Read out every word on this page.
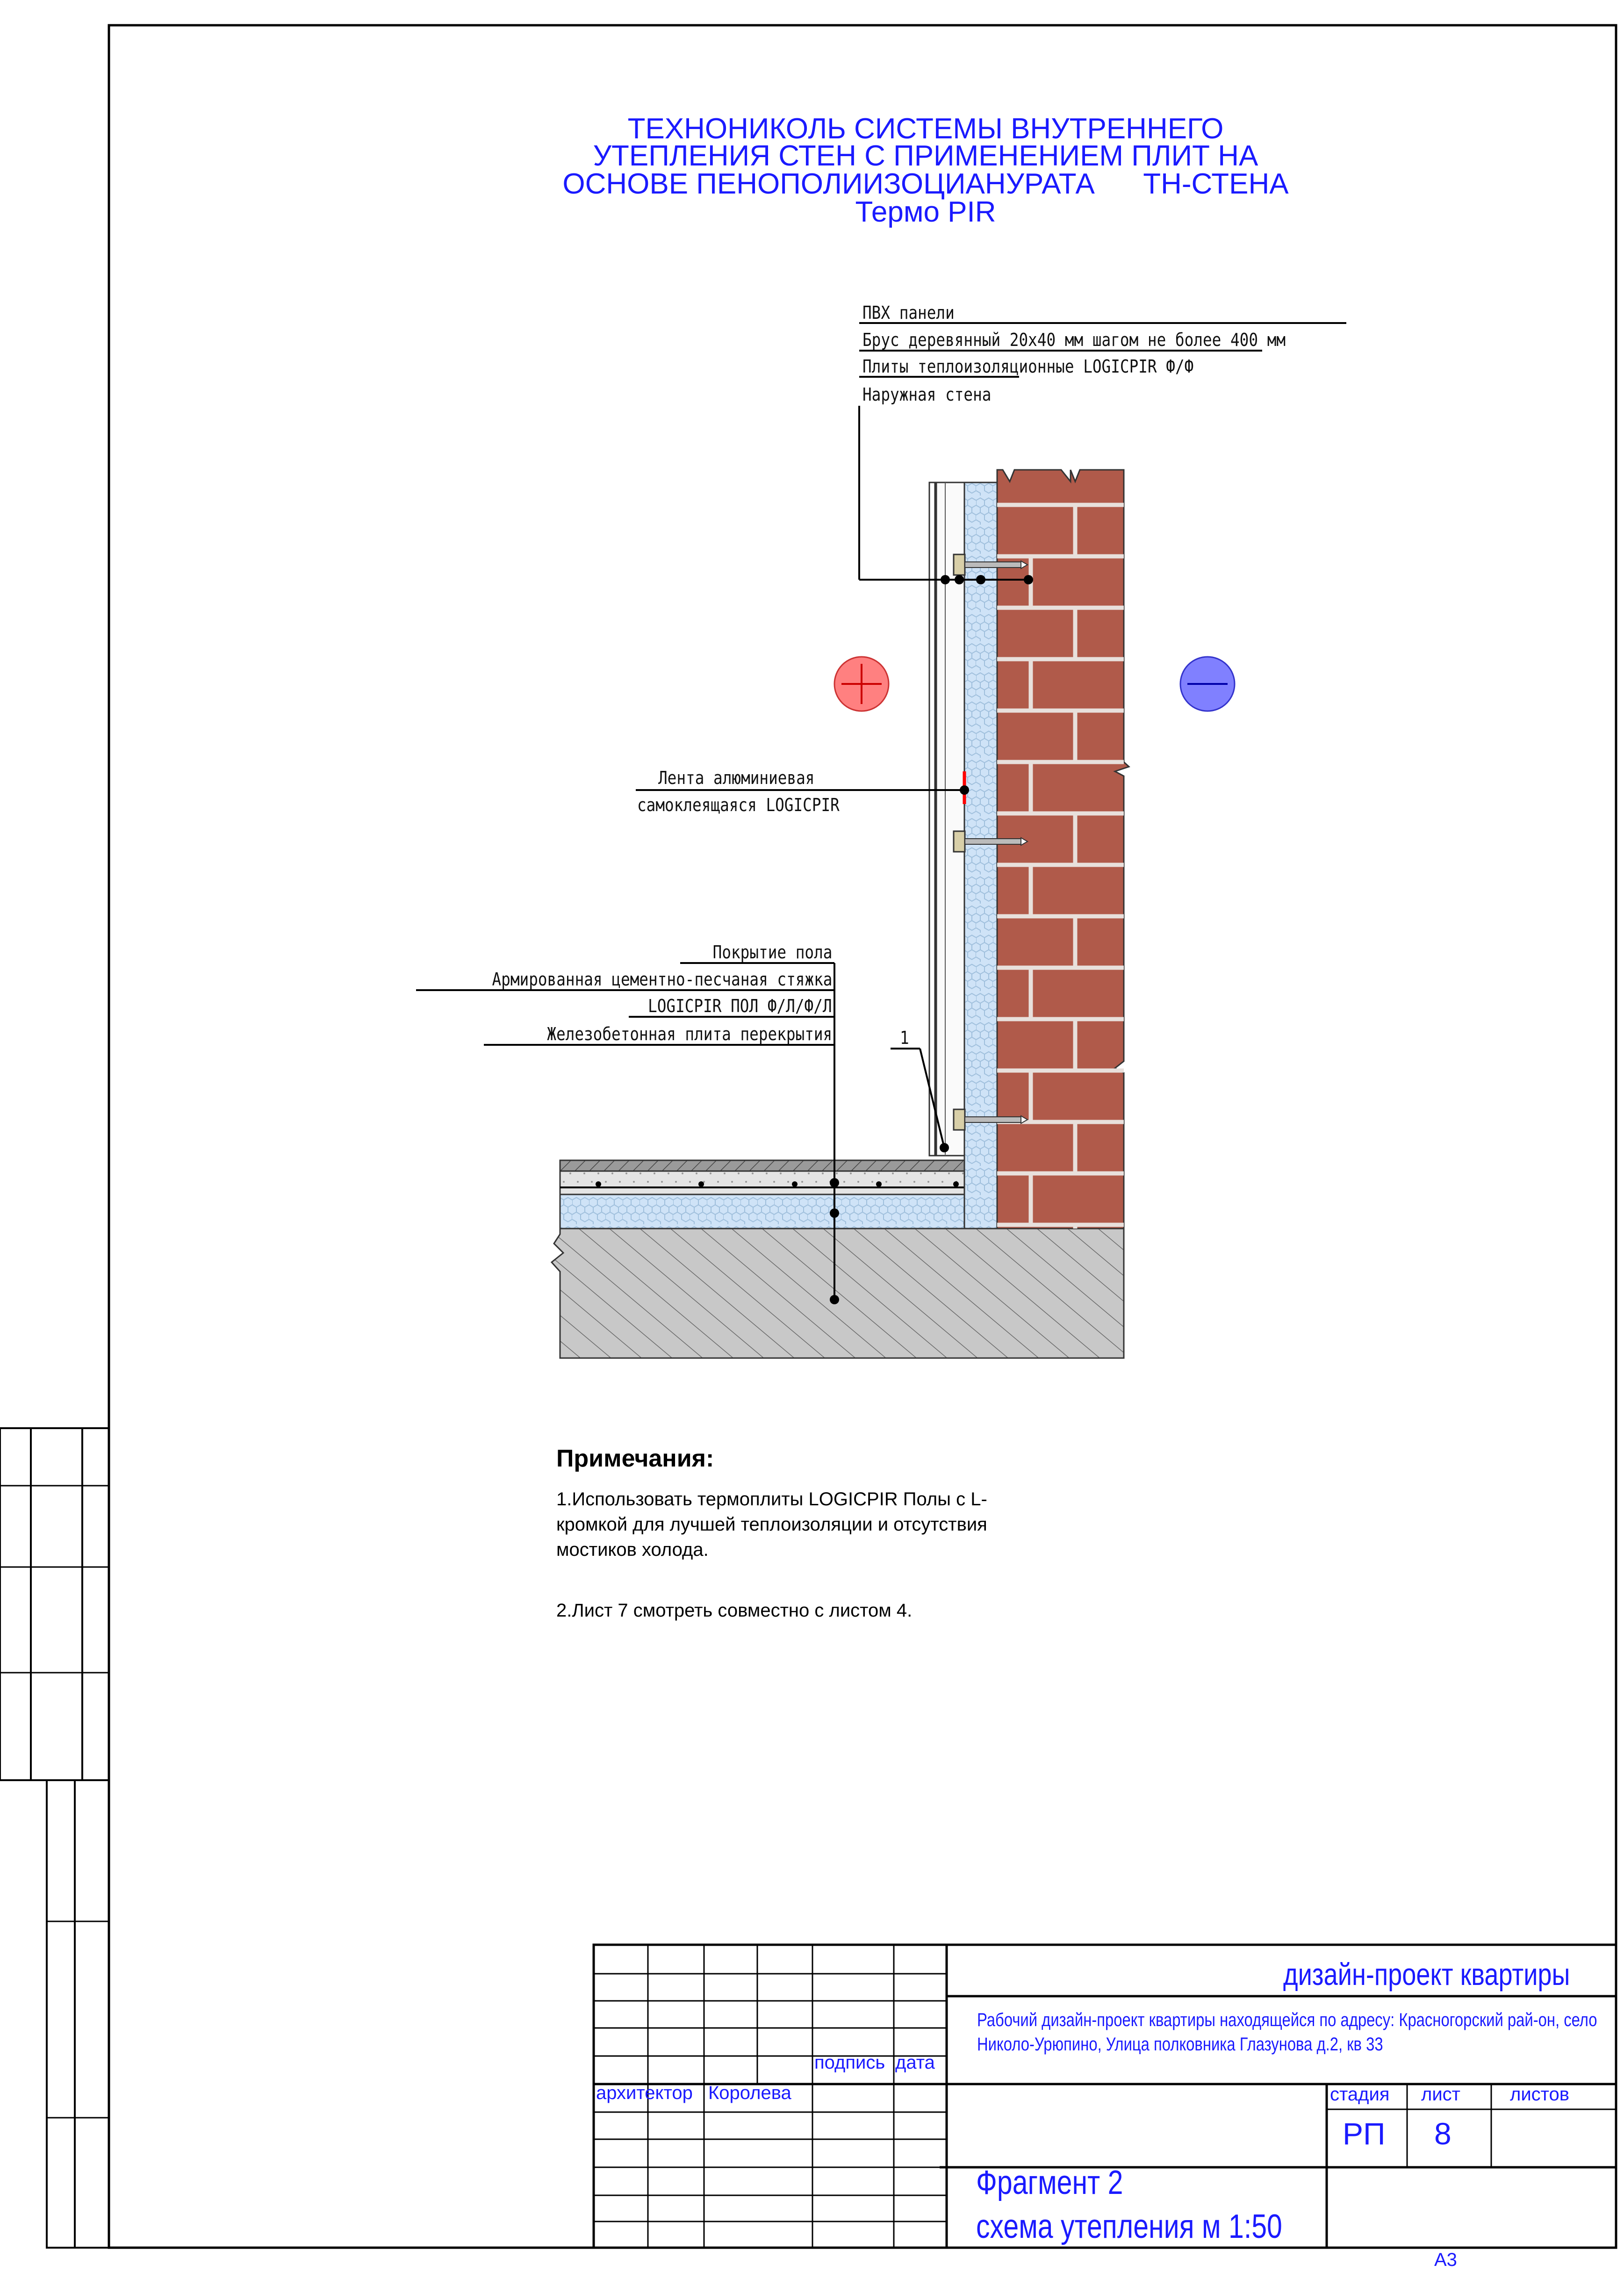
ТЕХНОНИКОЛЬ СИСТЕМЫ ВНУТРЕННЕГО
УТЕПЛЕНИЯ СТЕН С ПРИМЕНЕНИЕМ ПЛИТ НА
ОСНОВЕ ПЕНОПОЛИИЗОЦИАНУРАТА      ТН-СТЕНА
Термо PIR
ПВХ панели
Брус деревянный 20х40 мм шагом не более 400 мм
Плиты теплоизоляционные LOGICPIR Ф/Ф
Наружная стена
Лента алюминиевая
самоклеящаяся LOGICPIR
Покрытие пола
Армированная цементно-песчаная стяжка
LOGICPIR ПОЛ Ф/Л/Ф/Л
Железобетонная плита перекрытия	1
Примечания:
1.Использовать термоплиты LOGICPIR Полы с L-кромкой для лучшей теплоизоляции и отсутствия мостиков холода.
2.Лист 7 смотреть совместно с листом 4.
дизайн-проект квартиры
Рабочий дизайн-проект квартиры находящейся по адресу: Красногорский рай-он, село Николо-Урюпино, Улица полковника Глазунова д.2, кв 33
подпись дата
архитектор Королева	стадия лист	листов
РП 8
Фрагмент 2
схема утепления м 1:50
А3
